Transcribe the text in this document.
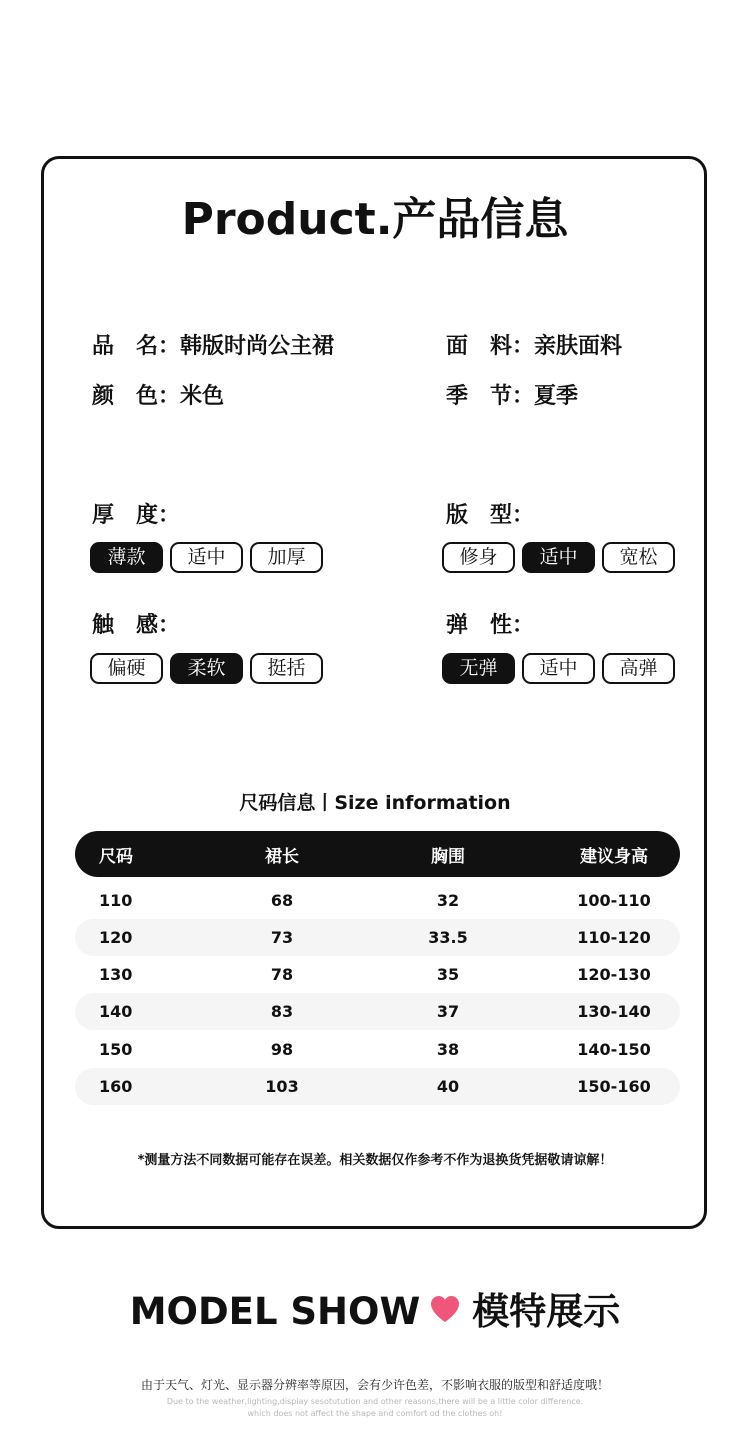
Product.产品信息
品　名：韩版时尚公主裙
颜　色：米色
面　料：亲肤面料
季　节：夏季
厚　度：
薄款	适中	加厚
版　型：
修身	适中	宽松
触　感：
偏硬	柔软	挺括
弹　性：
无弹	适中	高弹
尺码信息丨Size information
尺码	裙长	胸围	建议身高
110	68	32	100-110
120	73	33.5	110-120
130	78	35	120-130
140	83	37	130-140
150	98	38	140-150
160	103	40	150-160
*测量方法不同数据可能存在误差。相关数据仅作参考不作为退换货凭据敬请谅解！
MODEL SHOW 模特展示
由于天气、灯光、显示器分辨率等原因，会有少许色差，不影响衣服的版型和舒适度哦！
Due to the weather,lighting,display sesotutution and other reasons,there will be a little color difference.
which does not affect the shape and comfort od the clothes oh!
